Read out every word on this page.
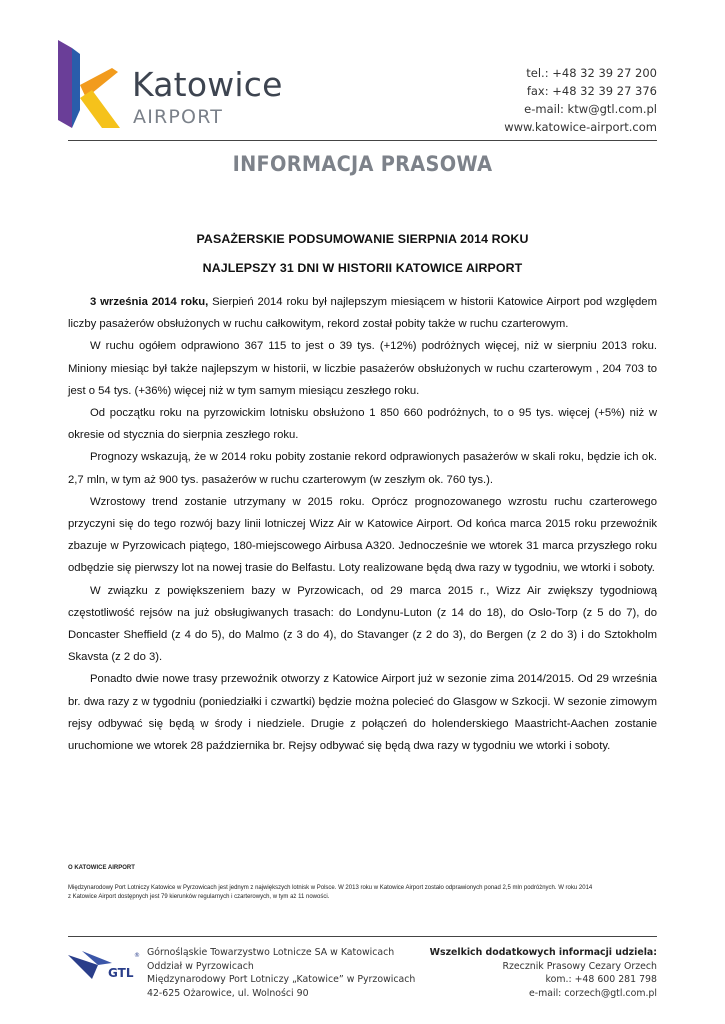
Katowice
AIRPORT
tel.: +48 32 39 27 200
fax: +48 32 39 27 376
e-mail: ktw@gtl.com.pl
www.katowice-airport.com
INFORMACJA PRASOWA
PASAŻERSKIE PODSUMOWANIE SIERPNIA 2014 ROKU
NAJLEPSZY 31 DNI W HISTORII KATOWICE AIRPORT

3 września 2014 roku, Sierpień 2014 roku był najlepszym miesiącem w historii Katowice Airport pod względem liczby pasażerów obsłużonych w ruchu całkowitym, rekord został pobity także w ruchu czarterowym.

W ruchu ogółem odprawiono 367 115 to jest o 39 tys. (+12%) podróżnych więcej, niż w sierpniu 2013 roku. Miniony miesiąc był także najlepszym w historii, w liczbie pasażerów obsłużonych w ruchu czarterowym , 204 703 to jest o 54 tys. (+36%) więcej niż w tym samym miesiącu zeszłego roku.

Od początku roku na pyrzowickim lotnisku obsłużono 1 850 660 podróżnych, to o 95 tys. więcej (+5%) niż w okresie od stycznia do sierpnia zeszłego roku.

Prognozy wskazują, że w 2014 roku pobity zostanie rekord odprawionych pasażerów w skali roku, będzie ich ok. 2,7 mln, w tym aż 900 tys. pasażerów w ruchu czarterowym (w zeszłym ok. 760 tys.).

Wzrostowy trend zostanie utrzymany w 2015 roku. Oprócz prognozowanego wzrostu ruchu czarterowego przyczyni się do tego rozwój bazy linii lotniczej Wizz Air w Katowice Airport. Od końca marca 2015 roku przewoźnik zbazuje w Pyrzowicach piątego, 180-miejscowego Airbusa A320. Jednocześnie we wtorek 31 marca przyszłego roku odbędzie się pierwszy lot na nowej trasie do Belfastu. Loty realizowane będą dwa razy w tygodniu, we wtorki i soboty.

W związku z powiększeniem bazy w Pyrzowicach, od 29 marca 2015 r., Wizz Air zwiększy tygodniową częstotliwość rejsów na już obsługiwanych trasach: do Londynu-Luton (z 14 do 18), do Oslo-Torp (z 5 do 7), do Doncaster Sheffield (z 4 do 5), do Malmo (z 3 do 4), do Stavanger (z 2 do 3), do Bergen (z 2 do 3) i do Sztokholm Skavsta (z 2 do 3).

Ponadto dwie nowe trasy przewoźnik otworzy z Katowice Airport już w sezonie zima 2014/2015. Od 29 września br. dwa razy z w tygodniu (poniedziałki i czwartki) będzie można polecieć do Glasgow w Szkocji. W sezonie zimowym rejsy odbywać się będą w środy i niedziele. Drugie z połączeń do holenderskiego Maastricht-Aachen zostanie uruchomione we wtorek 28 października br. Rejsy odbywać się będą dwa razy w tygodniu we wtorki i soboty.

O KATOWICE AIRPORT
Międzynarodowy Port Lotniczy Katowice w Pyrzowicach jest jednym z największych lotnisk w Polsce. W 2013 roku w Katowice Airport zostało odprawionych ponad 2,5 mln podróżnych. W roku 2014
z Katowice Airport dostępnych jest 79 kierunków regularnych i czarterowych, w tym aż 11 nowości.
GTL
® Górnośląskie Towarzystwo Lotnicze SA w Katowicach
Oddział w Pyrzowicach
Międzynarodowy Port Lotniczy „Katowice” w Pyrzowicach
42-625 Ożarowice, ul. Wolności 90
Wszelkich dodatkowych informacji udziela:
Rzecznik Prasowy Cezary Orzech
kom.: +48 600 281 798
e-mail: corzech@gtl.com.pl
